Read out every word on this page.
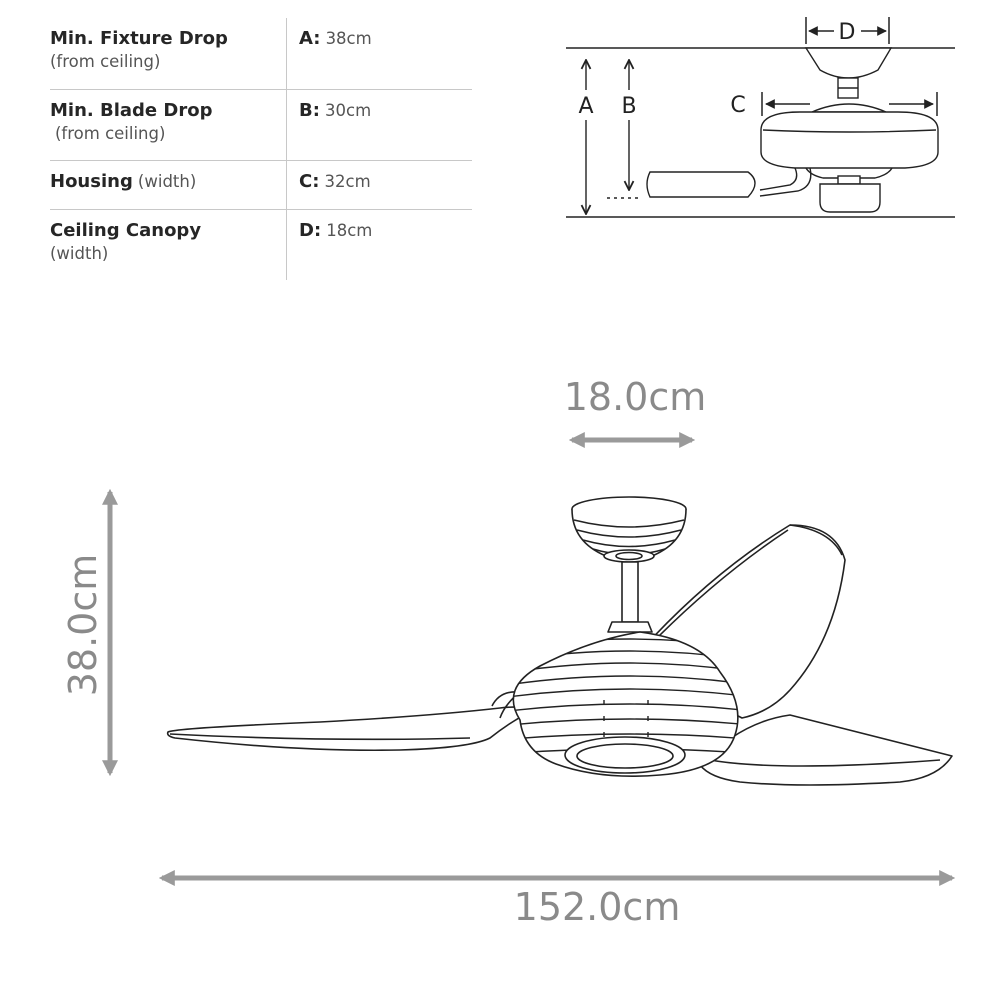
Min. Fixture Drop
(from ceiling)	A: 38cm

Min. Blade Drop
(from ceiling)	B: 30cm

Housing (width)	C: 32cm

Ceiling Canopy
(width)	D: 18cm
D
A B	C
18.0cm
38.0cm
152.0cm
